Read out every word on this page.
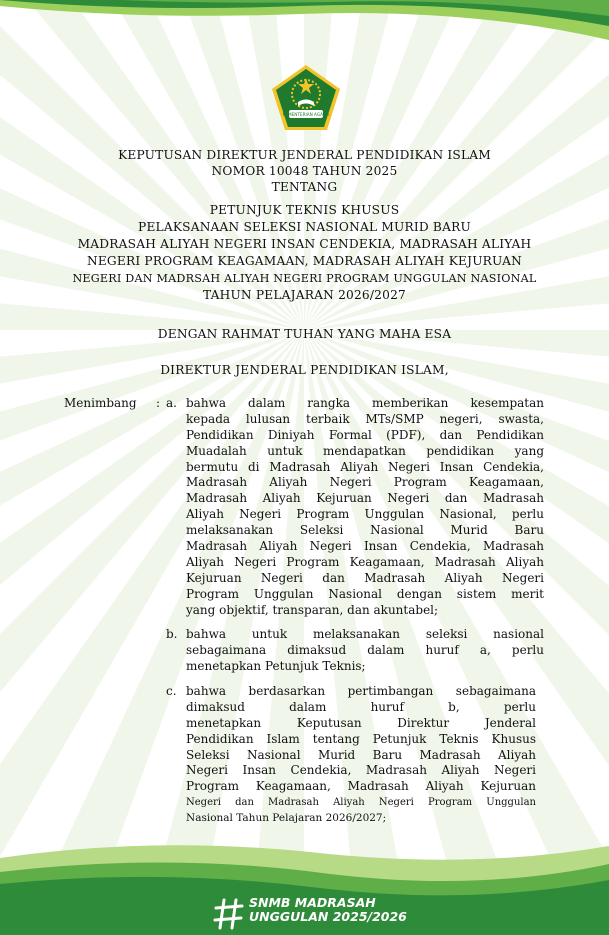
KEMENTERIAN AGAMA
KEPUTUSAN DIREKTUR JENDERAL PENDIDIKAN ISLAM
NOMOR 10048 TAHUN 2025
TENTANG
PETUNJUK TEKNIS KHUSUS
PELAKSANAAN SELEKSI NASIONAL MURID BARU
MADRASAH ALIYAH NEGERI INSAN CENDEKIA, MADRASAH ALIYAH
NEGERI PROGRAM KEAGAMAAN, MADRASAH ALIYAH KEJURUAN
NEGERI DAN MADRSAH ALIYAH NEGERI PROGRAM UNGGULAN NASIONAL
TAHUN PELAJARAN 2026/2027
DENGAN RAHMAT TUHAN YANG MAHA ESA
DIREKTUR JENDERAL PENDIDIKAN ISLAM,
Menimbang : a. bahwa dalam rangka memberikan kesempatan
kepada lulusan terbaik MTs/SMP negeri, swasta,
Pendidikan Diniyah Formal (PDF), dan Pendidikan
Muadalah untuk mendapatkan pendidikan yang
bermutu di Madrasah Aliyah Negeri Insan Cendekia,
Madrasah Aliyah Negeri Program Keagamaan,
Madrasah Aliyah Kejuruan Negeri dan Madrasah
Aliyah Negeri Program Unggulan Nasional, perlu
melaksanakan Seleksi Nasional Murid Baru
Madrasah Aliyah Negeri Insan Cendekia, Madrasah
Aliyah Negeri Program Keagamaan, Madrasah Aliyah
Kejuruan Negeri dan Madrasah Aliyah Negeri
Program Unggulan Nasional dengan sistem merit
yang objektif, transparan, dan akuntabel;
b. bahwa untuk melaksanakan seleksi nasional
sebagaimana dimaksud dalam huruf a, perlu
menetapkan Petunjuk Teknis;
c. bahwa berdasarkan pertimbangan sebagaimana
dimaksud dalam huruf b, perlu
menetapkan Keputusan Direktur Jenderal
Pendidikan Islam tentang Petunjuk Teknis Khusus
Seleksi Nasional Murid Baru Madrasah Aliyah
Negeri Insan Cendekia, Madrasah Aliyah Negeri
Program Keagamaan, Madrasah Aliyah Kejuruan
Negeri dan Madrasah Aliyah Negeri Program Unggulan
Nasional Tahun Pelajaran 2026/2027;
SNMB MADRASAH
UNGGULAN 2025/2026
